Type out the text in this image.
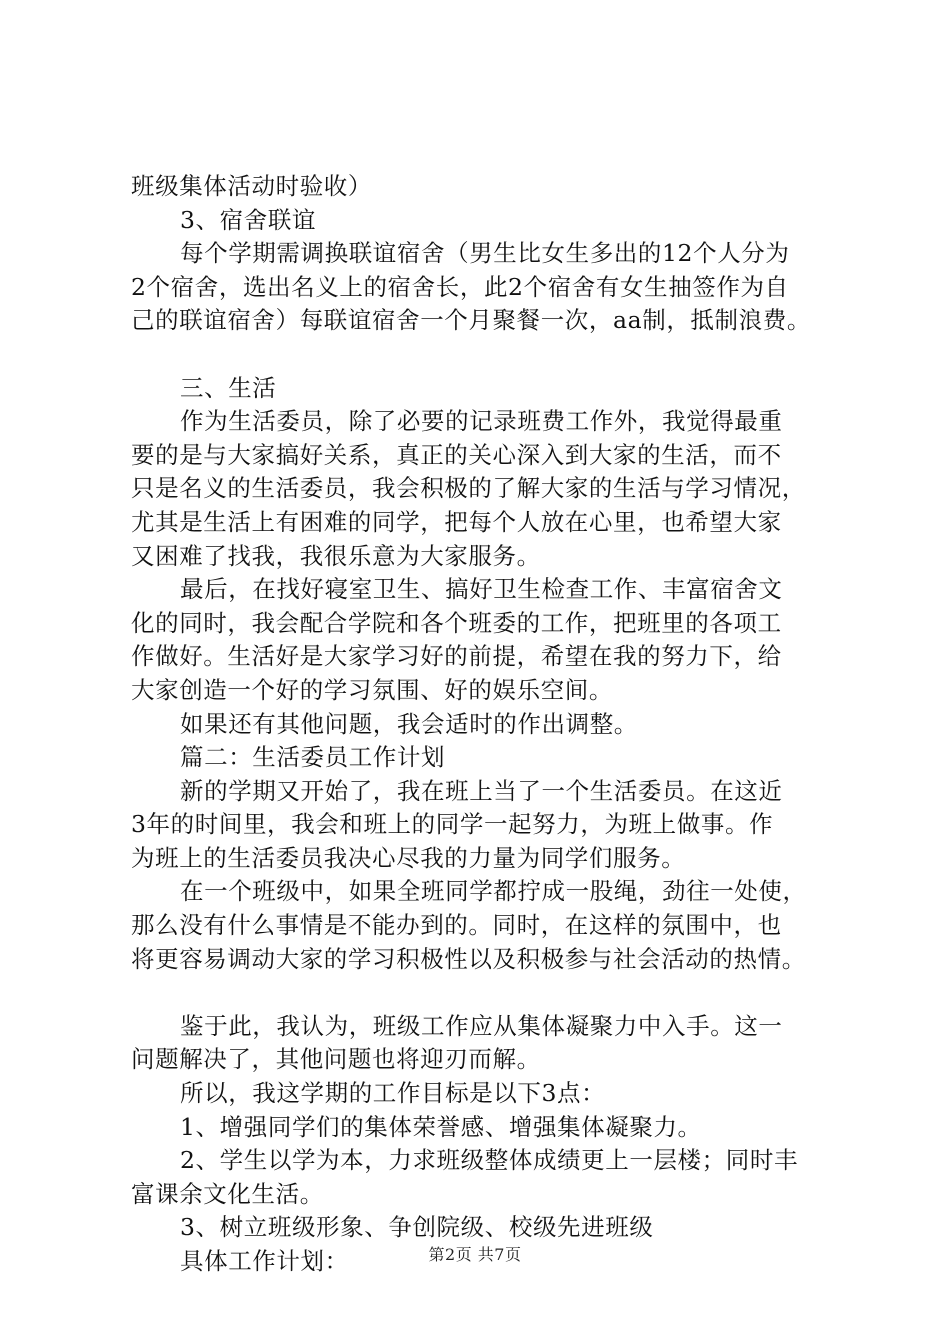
班级集体活动时验收）
3、宿舍联谊
每个学期需调换联谊宿舍（男生比女生多出的12个人分为
2个宿舍，选出名义上的宿舍长，此2个宿舍有女生抽签作为自
己的联谊宿舍）每联谊宿舍一个月聚餐一次，aa制，抵制浪费。
三、生活
作为生活委员，除了必要的记录班费工作外，我觉得最重
要的是与大家搞好关系，真正的关心深入到大家的生活，而不
只是名义的生活委员，我会积极的了解大家的生活与学习情况，
尤其是生活上有困难的同学，把每个人放在心里，也希望大家
又困难了找我，我很乐意为大家服务。
最后，在找好寝室卫生、搞好卫生检查工作、丰富宿舍文
化的同时，我会配合学院和各个班委的工作，把班里的各项工
作做好。生活好是大家学习好的前提，希望在我的努力下，给
大家创造一个好的学习氛围、好的娱乐空间。
如果还有其他问题，我会适时的作出调整。
篇二：生活委员工作计划
新的学期又开始了，我在班上当了一个生活委员。在这近
3年的时间里，我会和班上的同学一起努力，为班上做事。作
为班上的生活委员我决心尽我的力量为同学们服务。
在一个班级中，如果全班同学都拧成一股绳，劲往一处使，
那么没有什么事情是不能办到的。同时，在这样的氛围中，也
将更容易调动大家的学习积极性以及积极参与社会活动的热情。
鉴于此，我认为，班级工作应从集体凝聚力中入手。这一
问题解决了，其他问题也将迎刃而解。
所以，我这学期的工作目标是以下3点：
1、增强同学们的集体荣誉感、增强集体凝聚力。
2、学生以学为本，力求班级整体成绩更上一层楼；同时丰
富课余文化生活。
3、树立班级形象、争创院级、校级先进班级
具体工作计划：	第2页 共7页
